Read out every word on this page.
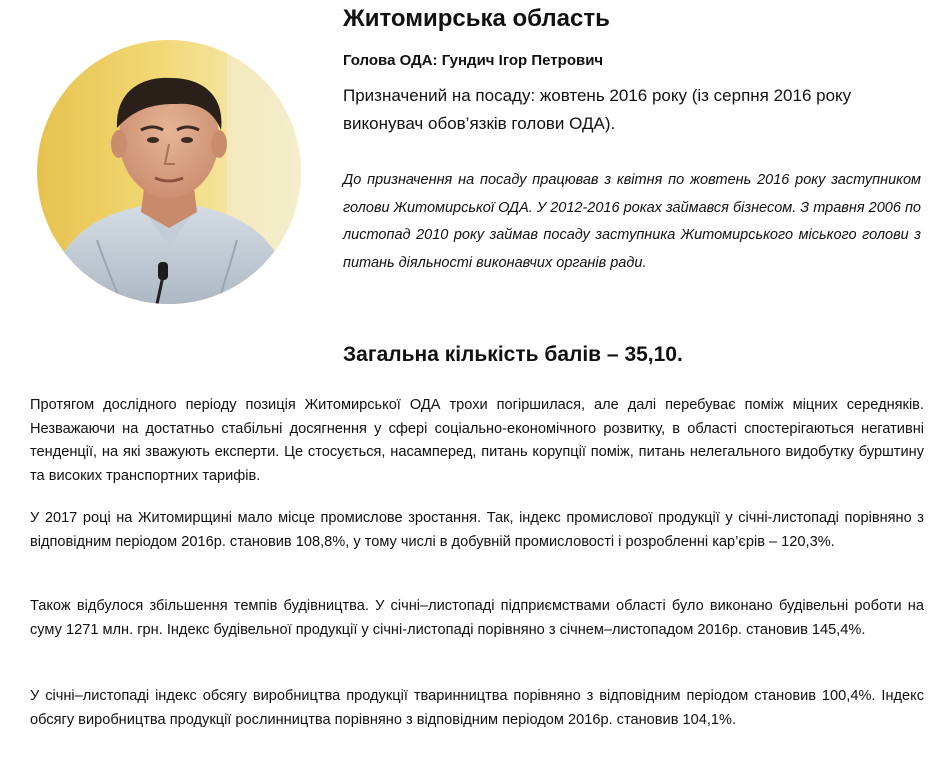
Житомирська область

Голова ОДА: Гундич Ігор Петрович

Призначений на посаду: жовтень 2016 року (із серпня 2016 року виконувач обов’язків голови ОДА).

До призначення на посаду працював з квітня по жовтень 2016 року заступником голови Житомирської ОДА. У 2012-2016 роках займався бізнесом. З травня 2006 по листопад 2010 року займав посаду заступника Житомирського міського голови з питань діяльності виконавчих органів ради.

Загальна кількість балів – 35,10.

Протягом дослідного періоду позиція Житомирської ОДА трохи погіршилася, але далі перебуває поміж міцних середняків. Незважаючи на достатньо стабільні досягнення у сфері соціально-економічного розвитку, в області спостерігаються негативні тенденції, на які зважують експерти. Це стосується, насамперед, питань корупції поміж, питань нелегального видобутку бурштину та високих транспортних тарифів.

У 2017 році на Житомирщині мало місце промислове зростання. Так, індекс промислової продукції у січні-листопаді порівняно з відповідним періодом 2016р. становив 108,8%, у тому числі в добувній промисловості і розробленні кар’єрів – 120,3%.

Також відбулося збільшення темпів будівництва. У січні–листопаді підприємствами області було виконано будівельні роботи на суму 1271 млн. грн. Індекс будівельної продукції у січні-листопаді порівняно з січнем–листопадом 2016р. становив 145,4%.

У січні–листопаді індекс обсягу виробництва продукції тваринництва порівняно з відповідним періодом становив 100,4%. Індекс обсягу виробництва продукції рослинництва порівняно з відповідним періодом 2016р. становив 104,1%.
